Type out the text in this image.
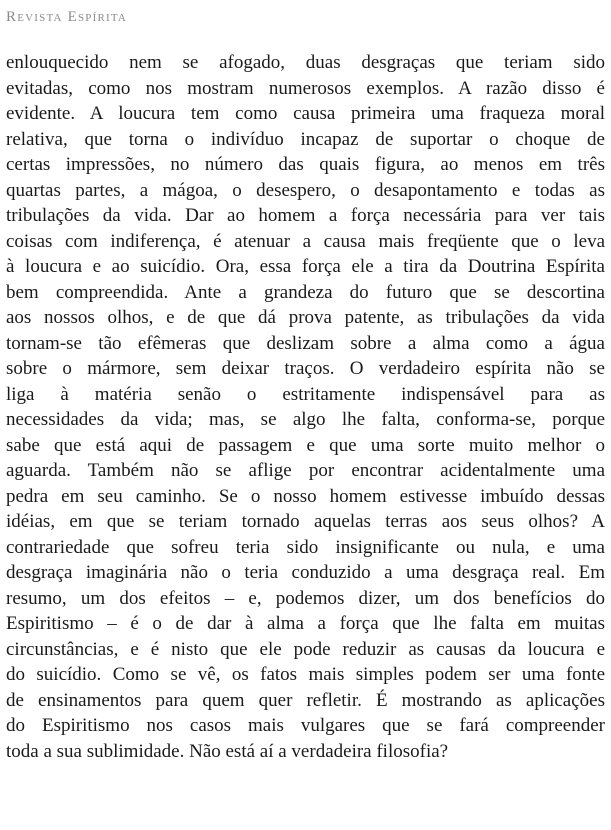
Revista Espírita
enlouquecido nem se afogado, duas desgraças que teriam sido
evitadas, como nos mostram numerosos exemplos. A razão disso é
evidente. A loucura tem como causa primeira uma fraqueza moral
relativa, que torna o indivíduo incapaz de suportar o choque de
certas impressões, no número das quais figura, ao menos em três
quartas partes, a mágoa, o desespero, o desapontamento e todas as
tribulações da vida. Dar ao homem a força necessária para ver tais
coisas com indiferença, é atenuar a causa mais freqüente que o leva
à loucura e ao suicídio. Ora, essa força ele a tira da Doutrina Espírita
bem compreendida. Ante a grandeza do futuro que se descortina
aos nossos olhos, e de que dá prova patente, as tribulações da vida
tornam-se tão efêmeras que deslizam sobre a alma como a água
sobre o mármore, sem deixar traços. O verdadeiro espírita não se
liga à matéria senão o estritamente indispensável para as
necessidades da vida; mas, se algo lhe falta, conforma-se, porque
sabe que está aqui de passagem e que uma sorte muito melhor o
aguarda. Também não se aflige por encontrar acidentalmente uma
pedra em seu caminho. Se o nosso homem estivesse imbuído dessas
idéias, em que se teriam tornado aquelas terras aos seus olhos? A
contrariedade que sofreu teria sido insignificante ou nula, e uma
desgraça imaginária não o teria conduzido a uma desgraça real. Em
resumo, um dos efeitos – e, podemos dizer, um dos benefícios do
Espiritismo – é o de dar à alma a força que lhe falta em muitas
circunstâncias, e é nisto que ele pode reduzir as causas da loucura e
do suicídio. Como se vê, os fatos mais simples podem ser uma fonte
de ensinamentos para quem quer refletir. É mostrando as aplicações
do Espiritismo nos casos mais vulgares que se fará compreender
toda a sua sublimidade. Não está aí a verdadeira filosofia?
